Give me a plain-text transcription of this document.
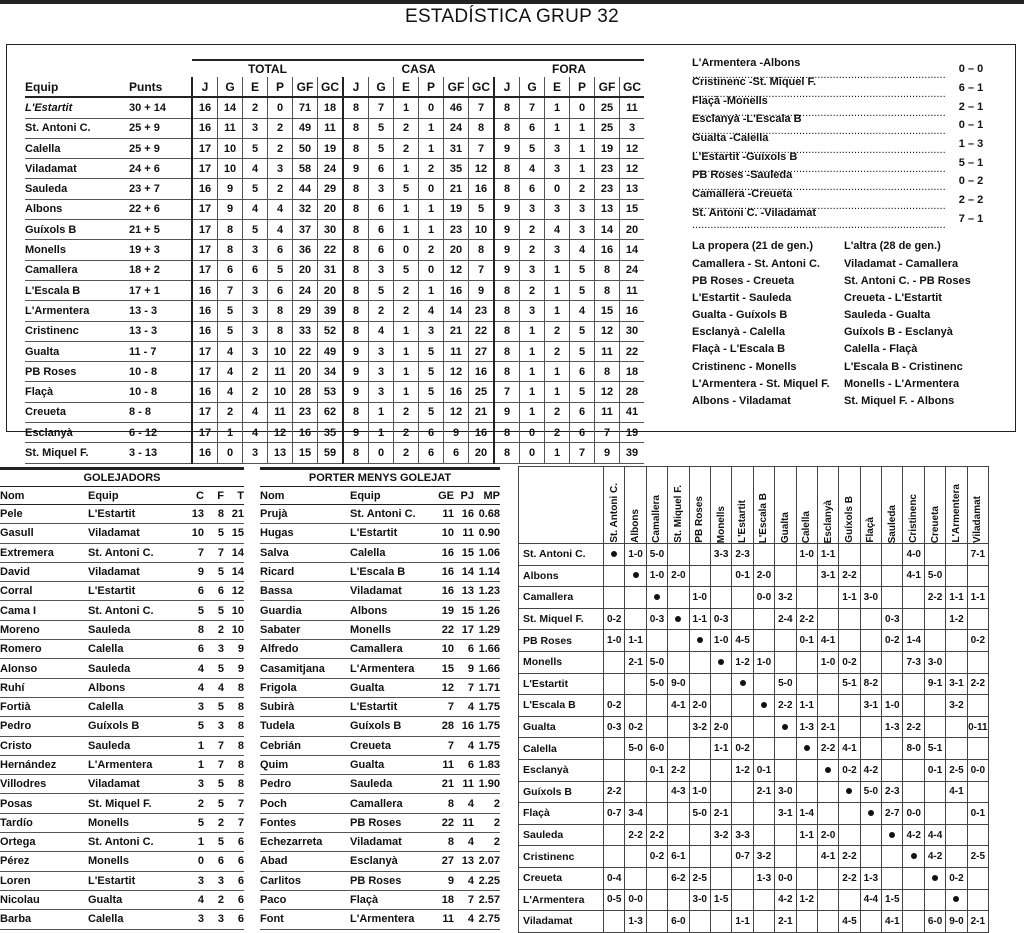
ESTADÍSTICA GRUP 32
		TOTAL						CASA						FORA					
Equip	Punts	J	G	E	P	GF	GC	J	G	E	P	GF	GC	J	G	E	P	GF	GC
L'Estartit	30 + 14	16	14	2	0	71	18	8	7	1	0	46	7	8	7	1	0	25	11
St. Antoni C.	25 + 9	16	11	3	2	49	11	8	5	2	1	24	8	8	6	1	1	25	3
Calella	25 + 9	17	10	5	2	50	19	8	5	2	1	31	7	9	5	3	1	19	12
Viladamat	24 + 6	17	10	4	3	58	24	9	6	1	2	35	12	8	4	3	1	23	12
Sauleda	23 + 7	16	9	5	2	44	29	8	3	5	0	21	16	8	6	0	2	23	13
Albons	22 + 6	17	9	4	4	32	20	8	6	1	1	19	5	9	3	3	3	13	15
Guíxols B	21 + 5	17	8	5	4	37	30	8	6	1	1	23	10	9	2	4	3	14	20
Monells	19 + 3	17	8	3	6	36	22	8	6	0	2	20	8	9	2	3	4	16	14
Camallera	18 + 2	17	6	6	5	20	31	8	3	5	0	12	7	9	3	1	5	8	24
L'Escala B	17 + 1	16	7	3	6	24	20	8	5	2	1	16	9	8	2	1	5	8	11
L'Armentera	13 - 3	16	5	3	8	29	39	8	2	2	4	14	23	8	3	1	4	15	16
Cristinenc	13 - 3	16	5	3	8	33	52	8	4	1	3	21	22	8	1	2	5	12	30
Gualta	11 - 7	17	4	3	10	22	49	9	3	1	5	11	27	8	1	2	5	11	22
PB Roses	10 - 8	17	4	2	11	20	34	9	3	1	5	12	16	8	1	1	6	8	18
Flaçà	10 - 8	16	4	2	10	28	53	9	3	1	5	16	25	7	1	1	5	12	28
Creueta	8 - 8	17	2	4	11	23	62	8	1	2	5	12	21	9	1	2	6	11	41
Esclanyà	6 - 12	17	1	4	12	16	35	9	1	2	6	9	16	8	0	2	6	7	19
St. Miquel F.	3 - 13	16	0	3	13	15	59	8	0	2	6	6	20	8	0	1	7	9	39
L'Armentera -Albons .....	0 – 0
Cristinenc -St. Miquel F. .....	6 – 1
Flaçà -Monells .....	2 – 1
Esclanyà -L'Escala B .....	0 – 1
Gualta -Calella .....	1 – 3
L'Estartit -Guíxols B .....	5 – 1
PB Roses -Sauleda .....	0 – 2
Camallera -Creueta .....	2 – 2
St. Antoni C. -Viladamat .....	7 – 1
La propera (21 de gen.)
Camallera - St. Antoni C.
PB Roses - Creueta
L'Estartit - Sauleda
Gualta - Guíxols B
Esclanyà - Calella
Flaçà - L'Escala B
Cristinenc - Monells
L'Armentera - St. Miquel F.
Albons - Viladamat
L'altra (28 de gen.)
Viladamat - Camallera
St. Antoni C. - PB Roses
Creueta - L'Estartit
Sauleda - Gualta
Guíxols B - Esclanyà
Calella - Flaçà
L'Escala B - Cristinenc
Monells - L'Armentera
St. Miquel F. - Albons
GOLEJADORS				
Nom	Equip	C	F	T
Pele	L'Estartit	13	8	21
Gasull	Viladamat	10	5	15
Extremera	St. Antoni C.	7	7	14
David	Viladamat	9	5	14
Corral	L'Estartit	6	6	12
Cama I	St. Antoni C.	5	5	10
Moreno	Sauleda	8	2	10
Romero	Calella	6	3	9
Alonso	Sauleda	4	5	9
Ruhí	Albons	4	4	8
Fortià	Calella	3	5	8
Pedro	Guíxols B	5	3	8
Cristo	Sauleda	1	7	8
Hernández	L'Armentera	1	7	8
Villodres	Viladamat	3	5	8
Posas	St. Miquel F.	2	5	7
Tardío	Monells	5	2	7
Ortega	St. Antoni C.	1	5	6
Pérez	Monells	0	6	6
Loren	L'Estartit	3	3	6
Nicolau	Gualta	4	2	6
Barba	Calella	3	3	6
PORTER MENYS GOLEJAT				
Nom	Equip	GE	PJ	MP
Prujà	St. Antoni C.	11	16	0.68
Hugas	L'Estartit	10	11	0.90
Salva	Calella	16	15	1.06
Ricard	L'Escala B	16	14	1.14
Bassa	Viladamat	16	13	1.23
Guardia	Albons	19	15	1.26
Sabater	Monells	22	17	1.29
Alfredo	Camallera	10	6	1.66
Casamitjana	L'Armentera	15	9	1.66
Frigola	Gualta	12	7	1.71
Subirà	L'Estartit	7	4	1.75
Tudela	Guíxols B	28	16	1.75
Cebrián	Creueta	7	4	1.75
Quim	Gualta	11	6	1.83
Pedro	Sauleda	21	11	1.90
Poch	Camallera	8	4	2
Fontes	PB Roses	22	11	2
Echezarreta	Viladamat	8	4	2
Abad	Esclanyà	27	13	2.07
Carlitos	PB Roses	9	4	2.25
Paco	Flaçà	18	7	2.57
Font	L'Armentera	11	4	2.75

	St. Antoni C.	Albons	Camallera	St. Miquel F.	PB Roses	Monells	L'Estartit	L'Escala B	Gualta	Calella	Esclanyà	Guíxols B	Flaçà	Sauleda	Cristinenc	Creueta	L'Armentera	Viladamat

St. Antoni C.		1-0	5-0			3-3	2-3			1-0	1-1				4-0			7-1
Albons			1-0	2-0			0-1	2-0			3-1	2-2			4-1	5-0		
Camallera					1-0			0-0	3-2			1-1	3-0			2-2	1-1	1-1
St. Miquel F.	0-2		0-3		1-1	0-3			2-4	2-2				0-3			1-2	
PB Roses	1-0	1-1				1-0	4-5			0-1	4-1			0-2	1-4			0-2
Monells		2-1	5-0				1-2	1-0			1-0	0-2			7-3	3-0		
L'Estartit			5-0	9-0					5-0			5-1	8-2			9-1	3-1	2-2
L'Escala B	0-2			4-1	2-0				2-2	1-1			3-1	1-0			3-2	
Gualta	0-3	0-2			3-2	2-0				1-3	2-1			1-3	2-2			0-11
Calella		5-0	6-0			1-1	0-2				2-2	4-1			8-0	5-1		
Esclanyà			0-1	2-2			1-2	0-1				0-2	4-2			0-1	2-5	0-0
Guíxols B	2-2			4-3	1-0			2-1	3-0				5-0	2-3			4-1	
Flaçà	0-7	3-4			5-0	2-1			3-1	1-4				2-7	0-0			0-1
Sauleda		2-2	2-2			3-2	3-3			1-1	2-0				4-2	4-4		
Cristinenc			0-2	6-1			0-7	3-2			4-1	2-2				4-2		2-5
Creueta	0-4			6-2	2-5			1-3	0-0			2-2	1-3				0-2	
L'Armentera	0-5	0-0			3-0	1-5			4-2	1-2			4-4	1-5				
Viladamat		1-3		6-0			1-1		2-1			4-5		4-1		6-0	9-0	2-1
